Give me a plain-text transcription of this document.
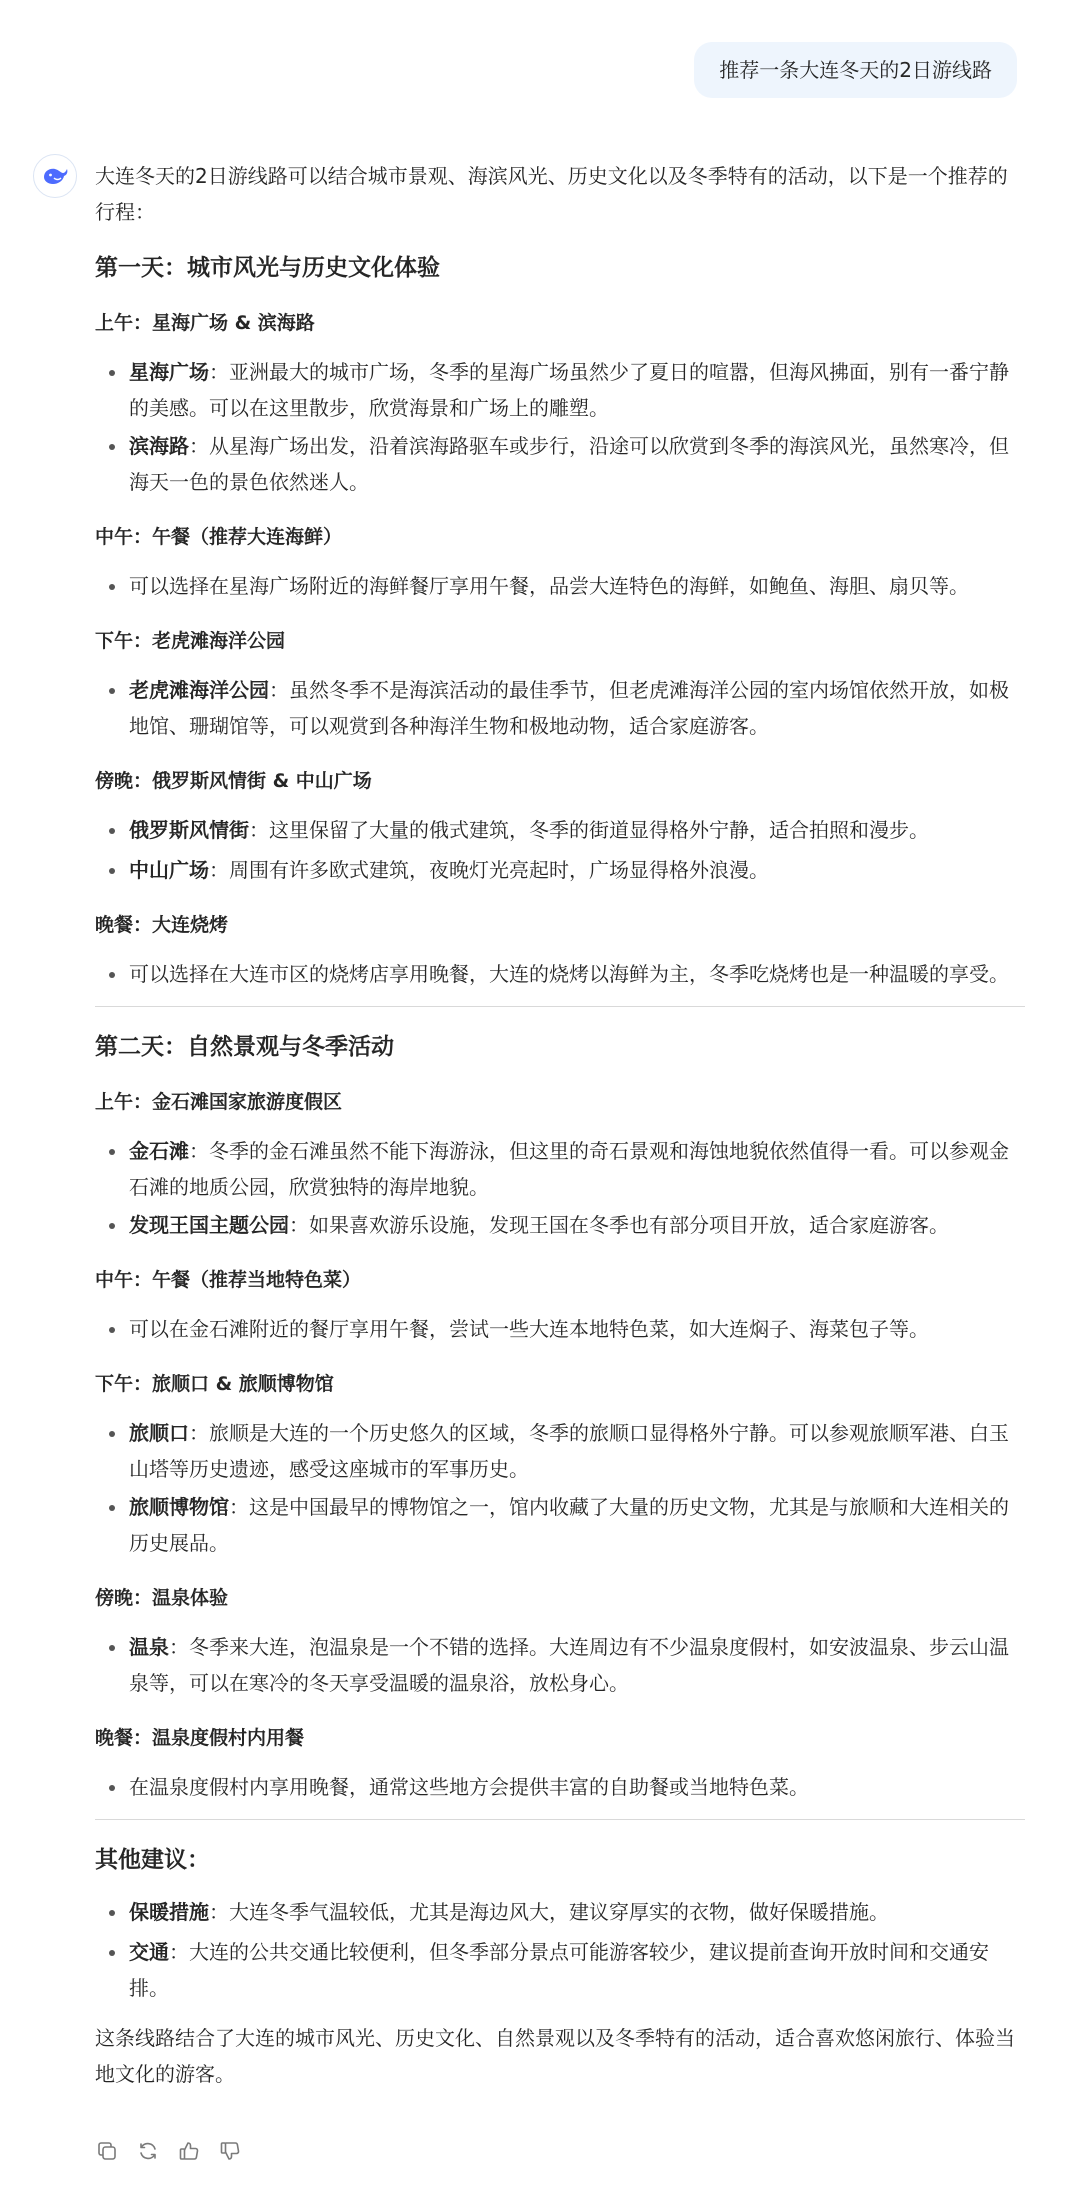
推荐一条大连冬天的2日游线路

大连冬天的2日游线路可以结合城市景观、海滨风光、历史文化以及冬季特有的活动，以下是一个推荐的行程：

第一天：城市风光与历史文化体验
上午：星海广场 & 滨海路
星海广场：亚洲最大的城市广场，冬季的星海广场虽然少了夏日的喧嚣，但海风拂面，别有一番宁静的美感。可以在这里散步，欣赏海景和广场上的雕塑。
滨海路：从星海广场出发，沿着滨海路驱车或步行，沿途可以欣赏到冬季的海滨风光，虽然寒冷，但海天一色的景色依然迷人。
中午：午餐（推荐大连海鲜）
可以选择在星海广场附近的海鲜餐厅享用午餐，品尝大连特色的海鲜，如鲍鱼、海胆、扇贝等。
下午：老虎滩海洋公园
老虎滩海洋公园：虽然冬季不是海滨活动的最佳季节，但老虎滩海洋公园的室内场馆依然开放，如极地馆、珊瑚馆等，可以观赏到各种海洋生物和极地动物，适合家庭游客。
傍晚：俄罗斯风情街 & 中山广场
俄罗斯风情街：这里保留了大量的俄式建筑，冬季的街道显得格外宁静，适合拍照和漫步。
中山广场：周围有许多欧式建筑，夜晚灯光亮起时，广场显得格外浪漫。
晚餐：大连烧烤
可以选择在大连市区的烧烤店享用晚餐，大连的烧烤以海鲜为主，冬季吃烧烤也是一种温暖的享受。
第二天：自然景观与冬季活动
上午：金石滩国家旅游度假区
金石滩：冬季的金石滩虽然不能下海游泳，但这里的奇石景观和海蚀地貌依然值得一看。可以参观金石滩的地质公园，欣赏独特的海岸地貌。
发现王国主题公园：如果喜欢游乐设施，发现王国在冬季也有部分项目开放，适合家庭游客。
中午：午餐（推荐当地特色菜）
可以在金石滩附近的餐厅享用午餐，尝试一些大连本地特色菜，如大连焖子、海菜包子等。
下午：旅顺口 & 旅顺博物馆
旅顺口：旅顺是大连的一个历史悠久的区域，冬季的旅顺口显得格外宁静。可以参观旅顺军港、白玉山塔等历史遗迹，感受这座城市的军事历史。
旅顺博物馆：这是中国最早的博物馆之一，馆内收藏了大量的历史文物，尤其是与旅顺和大连相关的历史展品。
傍晚：温泉体验
温泉：冬季来大连，泡温泉是一个不错的选择。大连周边有不少温泉度假村，如安波温泉、步云山温泉等，可以在寒冷的冬天享受温暖的温泉浴，放松身心。
晚餐：温泉度假村内用餐
在温泉度假村内享用晚餐，通常这些地方会提供丰富的自助餐或当地特色菜。
其他建议：
保暖措施：大连冬季气温较低，尤其是海边风大，建议穿厚实的衣物，做好保暖措施。
交通：大连的公共交通比较便利，但冬季部分景点可能游客较少，建议提前查询开放时间和交通安排。

这条线路结合了大连的城市风光、历史文化、自然景观以及冬季特有的活动，适合喜欢悠闲旅行、体验当地文化的游客。
